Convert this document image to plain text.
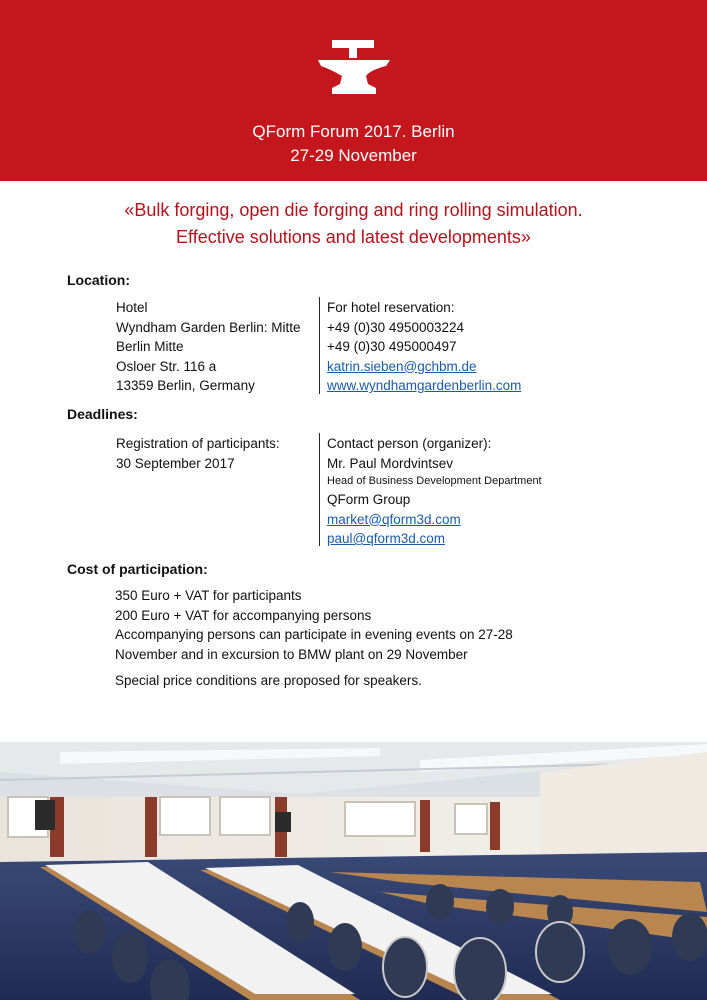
QForm Forum 2017. Berlin
27-29 November
«Bulk forging, open die forging and ring rolling simulation.
Effective solutions and latest developments»
Location:
Hotel
Wyndham Garden Berlin: Mitte
Berlin Mitte
Osloer Str. 116 a
13359 Berlin, Germany
For hotel reservation:
+49 (0)30 4950003224
+49 (0)30 495000497
katrin.sieben@gchbm.de
www.wyndhamgardenberlin.com
Deadlines:
Registration of participants:
30 September 2017
Contact person (organizer):
Mr. Paul Mordvintsev
Head of Business Development Department
QForm Group
market@qform3d.com
paul@qform3d.com
Cost of participation:
350 Euro + VAT for participants
200 Euro + VAT for accompanying persons
Accompanying persons can participate in evening events on 27-28
November and in excursion to BMW plant on 29 November
Special price conditions are proposed for speakers.
